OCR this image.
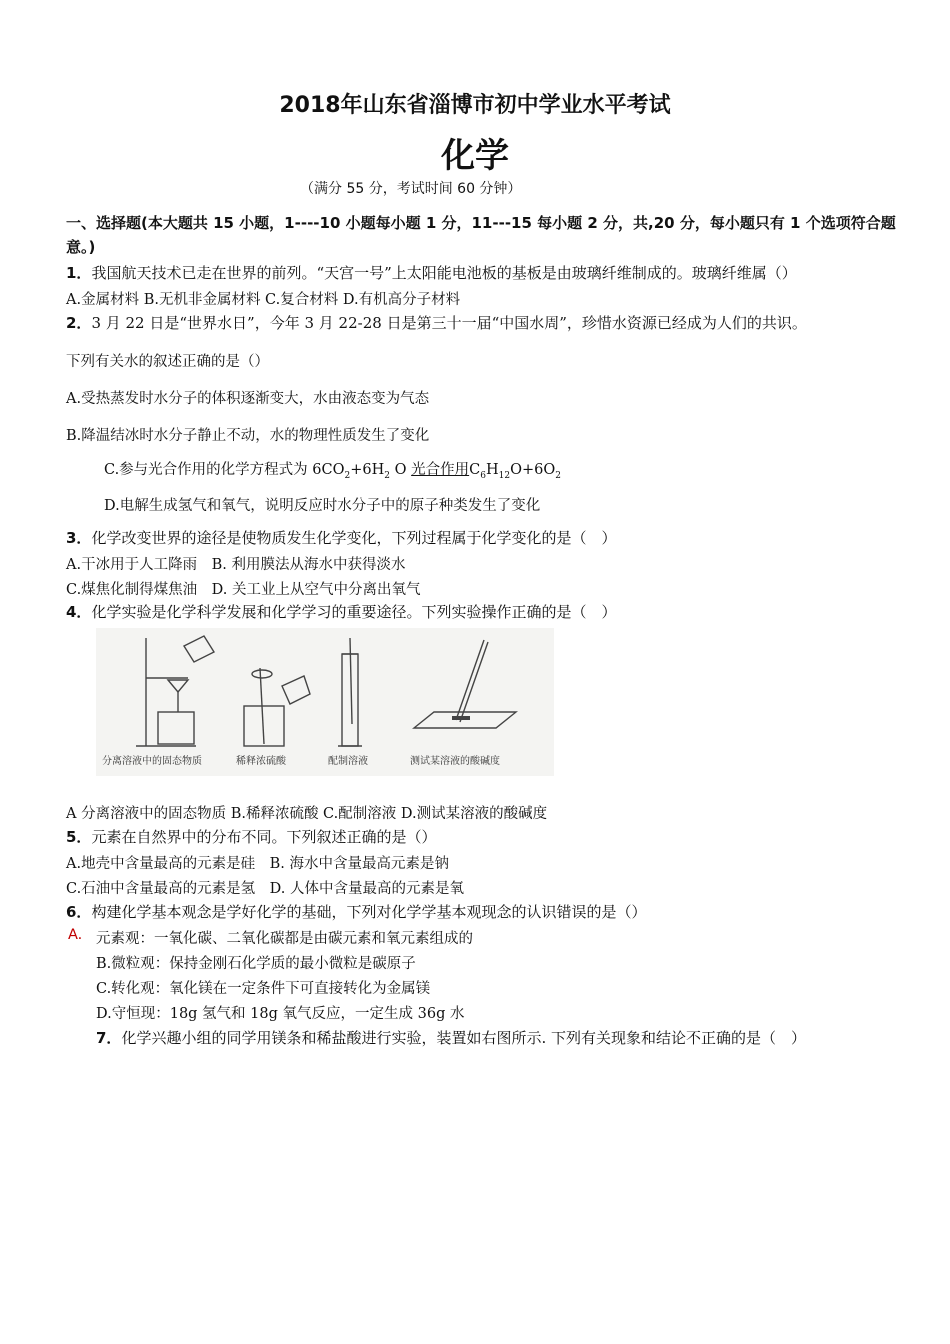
2018年山东省淄博市初中学业水平考试
化学
（满分 55 分，考试时间 60 分钟）
一、选择题(本大题共 15 小题，1----10 小题每小题 1 分，11---15 每小题 2 分，共,20 分，每小题只有 1 个选项符合题
意。)
1．我国航天技术已走在世界的前列。“天宫一号”上太阳能电池板的基板是由玻璃纤维制成的。玻璃纤维属（）
A.金属材料 B.无机非金属材料 C.复合材料 D.有机高分子材料
2．3 月 22 日是“世界水日”，今年 3 月 22-28 日是第三十一届“中国水周”，珍惜水资源已经成为人们的共识。
下列有关水的叙述正确的是（）
A.受热蒸发时水分子的体积逐渐变大，水由液态变为气态
B.降温结冰时水分子静止不动，水的物理性质发生了变化
C.参与光合作用的化学方程式为 $6CO_2+6H_2$ O 光合作用$C_6H_{12}O+6O_2$
D.电解生成氢气和氧气，说明反应时水分子中的原子种类发生了变化
3．化学改变世界的途径是使物质发生化学变化，下列过程属于化学变化的是（　）
A.干冰用于人工降雨　B. 利用膜法从海水中获得淡水
C.煤焦化制得煤焦油　D. 关工业上从空气中分离出氧气
4．化学实验是化学科学发展和化学学习的重要途径。下列实验操作正确的是（　）
分离溶液中的固态物质	稀释浓硫酸	配制溶液	测试某溶液的酸碱度
A 分离溶液中的固态物质 B.稀释浓硫酸 C.配制溶液 D.测试某溶液的酸碱度
5．元素在自然界中的分布不同。下列叙述正确的是（）
A.地壳中含量最高的元素是硅　B. 海水中含量最高元素是钠
C.石油中含量最高的元素是氢　D. 人体中含量最高的元素是氧
6．构建化学基本观念是学好化学的基础，下列对化学学基本观现念的认识错误的是（）
A. 元素观：一氧化碳、二氧化碳都是由碳元素和氧元素组成的
B.微粒观：保持金刚石化学质的最小微粒是碳原子
C.转化观：氧化镁在一定条件下可直接转化为金属镁
D.守恒现：18g 氢气和 18g 氧气反应，一定生成 36g 水
7．化学兴趣小组的同学用镁条和稀盐酸进行实验，装置如右图所示. 下列有关现象和结论不正确的是（　）
